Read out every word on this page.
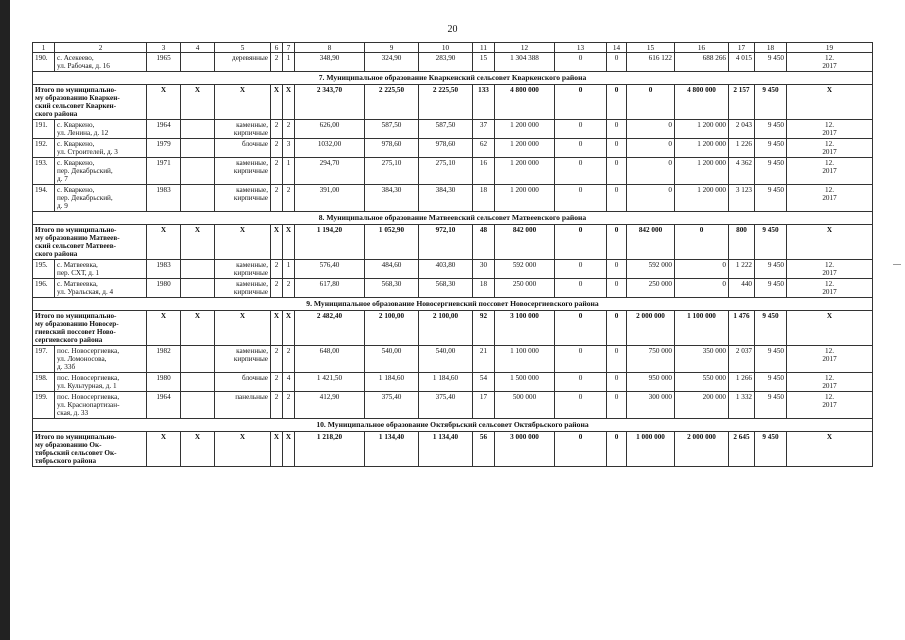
20
1	2	3	4	5	6	7	8	9	10	11	12	13	14	15	16	17	18	19
190.	с. Асекеево,
ул. Рабочая, д. 16	1965		деревянные	2	1	348,90	324,90	283,90	15	1 304 388	0	0	616 122	688 266	4 015	9 450	12.
2017
7. Муниципальное образование Кваркенский сельсовет Кваркенского района																		
Итого по муниципально-
му образованию Кваркен-
ский сельсовет Кваркен-
ского района		X	X	X	X	X	2 343,70	2 225,50	2 225,50	133	4 800 000	0	0	0	4 800 000	2 157	9 450	X
191.	с. Кваркено,
ул. Ленина, д. 12	1964		каменные,
кирпичные	2	2	626,00	587,50	587,50	37	1 200 000	0	0	0	1 200 000	2 043	9 450	12.
2017
192.	с. Кваркено,
ул. Строителей, д. 3	1979		блочные	2	3	1032,00	978,60	978,60	62	1 200 000	0	0	0	1 200 000	1 226	9 450	12.
2017
193.	с. Кваркено,
пер. Декабрьский,
д. 7	1971		каменные,
кирпичные	2	1	294,70	275,10	275,10	16	1 200 000	0	0	0	1 200 000	4 362	9 450	12.
2017
194.	с. Кваркено,
пер. Декабрьский,
д. 9	1983		каменные,
кирпичные	2	2	391,00	384,30	384,30	18	1 200 000	0	0	0	1 200 000	3 123	9 450	12.
2017
8. Муниципальное образование Матвеевский сельсовет Матвеевского района																		
Итого по муниципально-
му образованию Матвеев-
ский сельсовет Матвеев-
ского района		X	X	X	X	X	1 194,20	1 052,90	972,10	48	842 000	0	0	842 000	0	800	9 450	X
195.	с. Матвеевка,
пер. СХТ, д. 1	1983		каменные,
кирпичные	2	1	576,40	484,60	403,80	30	592 000	0	0	592 000	0	1 222	9 450	12.
2017
196.	с. Матвеевка,
ул. Уральская, д. 4	1980		каменные,
кирпичные	2	2	617,80	568,30	568,30	18	250 000	0	0	250 000	0	440	9 450	12.
2017
9. Муниципальное образование Новосергиевский поссовет Новосергиевского района																		
Итого по муниципально-
му образованию Новосер-
гиевский поссовет Ново-
сергиевского района		X	X	X	X	X	2 482,40	2 100,00	2 100,00	92	3 100 000	0	0	2 000 000	1 100 000	1 476	9 450	X
197.	пос. Новосергиевка,
ул. Ломоносова,
д. 33б	1982		каменные,
кирпичные	2	2	648,00	540,00	540,00	21	1 100 000	0	0	750 000	350 000	2 037	9 450	12.
2017
198.	пос. Новосергиевка,
ул. Культурная, д. 1	1980		блочные	2	4	1 421,50	1 184,60	1 184,60	54	1 500 000	0	0	950 000	550 000	1 266	9 450	12.
2017
199.	пос. Новосергиевка,
ул. Краснопартизан-
ская, д. 33	1964		панельные	2	2	412,90	375,40	375,40	17	500 000	0	0	300 000	200 000	1 332	9 450	12.
2017
10. Муниципальное образование Октябрьский сельсовет Октябрьского района																		
Итого по муниципально-
му образованию Ок-
тябрьский сельсовет Ок-
тябрьского района		X	X	X	X	X	1 218,20	1 134,40	1 134,40	56	3 000 000	0	0	1 000 000	2 000 000	2 645	9 450	X
